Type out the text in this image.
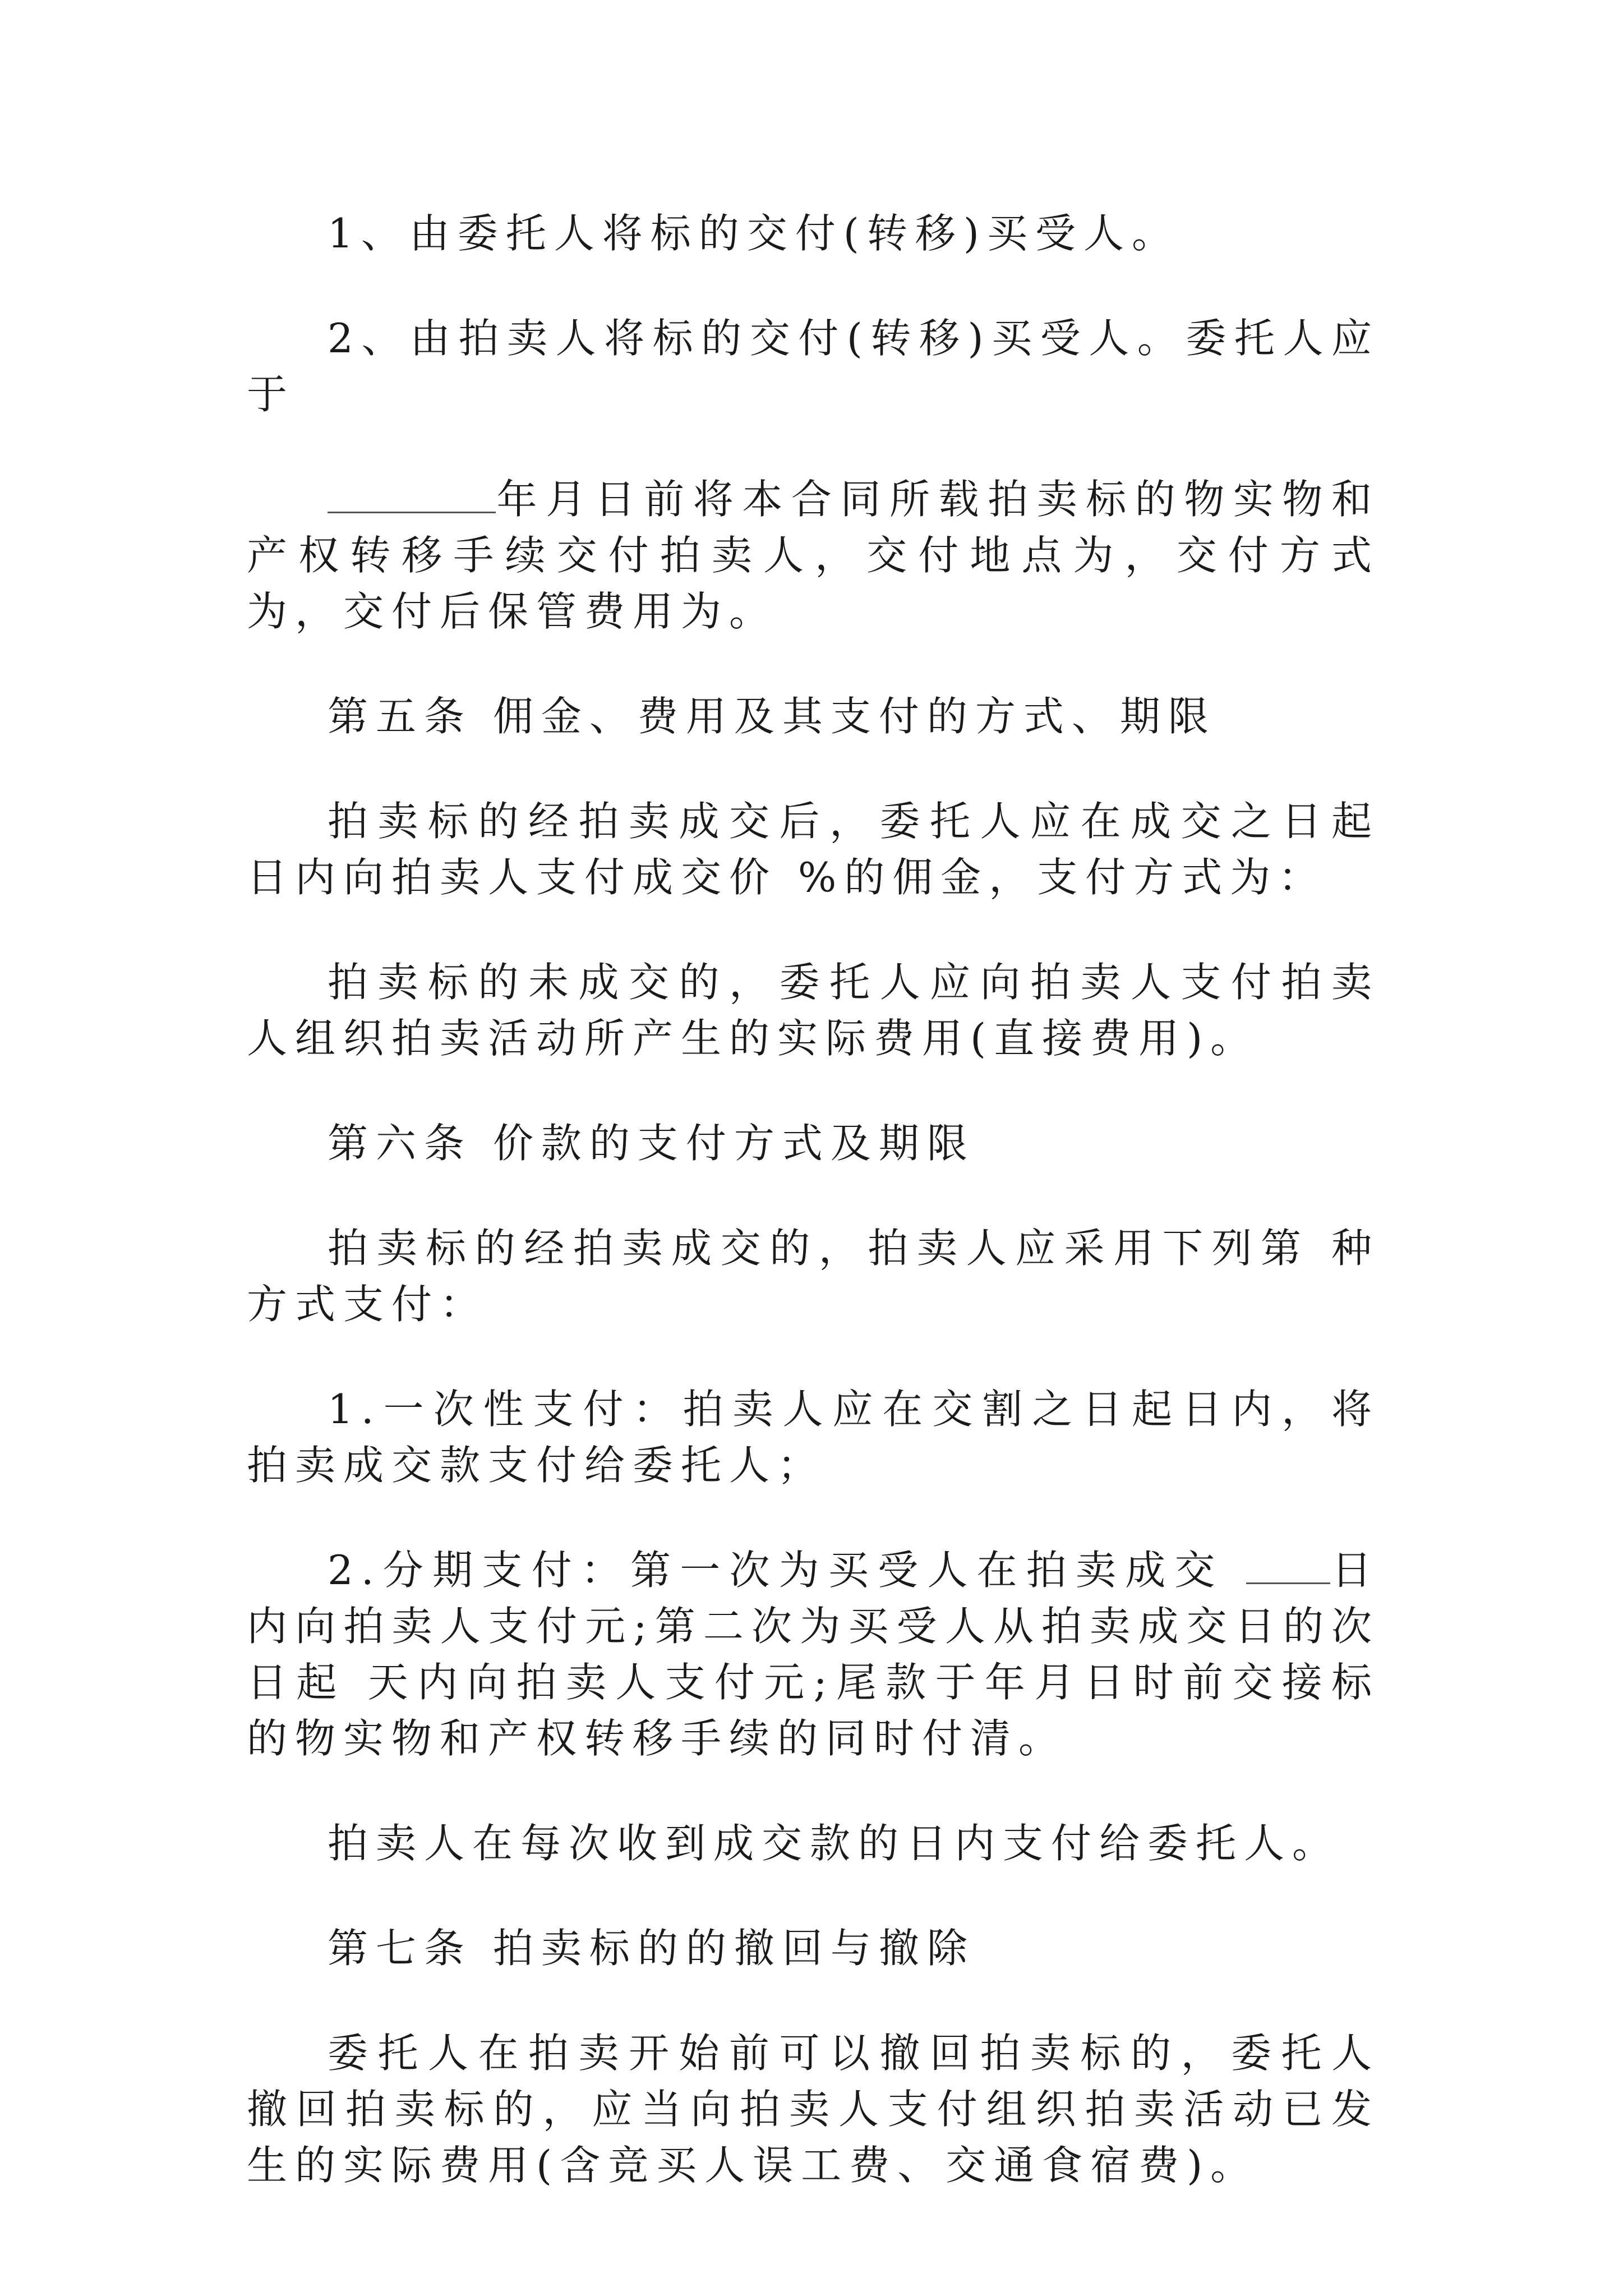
1、由委托人将标的交付(转移)买受人。

2、由拍卖人将标的交付(转移)买受人。委托人应于

年月日前将本合同所载拍卖标的物实物和产权转移手续交付拍卖人，交付地点为，交付方式为，交付后保管费用为。

第五条 佣金、费用及其支付的方式、期限

拍卖标的经拍卖成交后，委托人应在成交之日起日内向拍卖人支付成交价 %的佣金，支付方式为：

拍卖标的未成交的，委托人应向拍卖人支付拍卖人组织拍卖活动所产生的实际费用(直接费用)。

第六条 价款的支付方式及期限

拍卖标的经拍卖成交的，拍卖人应采用下列第 种方式支付：

1.一次性支付：拍卖人应在交割之日起日内，将拍卖成交款支付给委托人；

2.分期支付：第一次为买受人在拍卖成交 日内向拍卖人支付元;第二次为买受人从拍卖成交日的次日起 天内向拍卖人支付元;尾款于年月日时前交接标的物实物和产权转移手续的同时付清。

拍卖人在每次收到成交款的日内支付给委托人。

第七条 拍卖标的的撤回与撤除

委托人在拍卖开始前可以撤回拍卖标的，委托人撤回拍卖标的，应当向拍卖人支付组织拍卖活动已发生的实际费用(含竞买人误工费、交通食宿费)。
